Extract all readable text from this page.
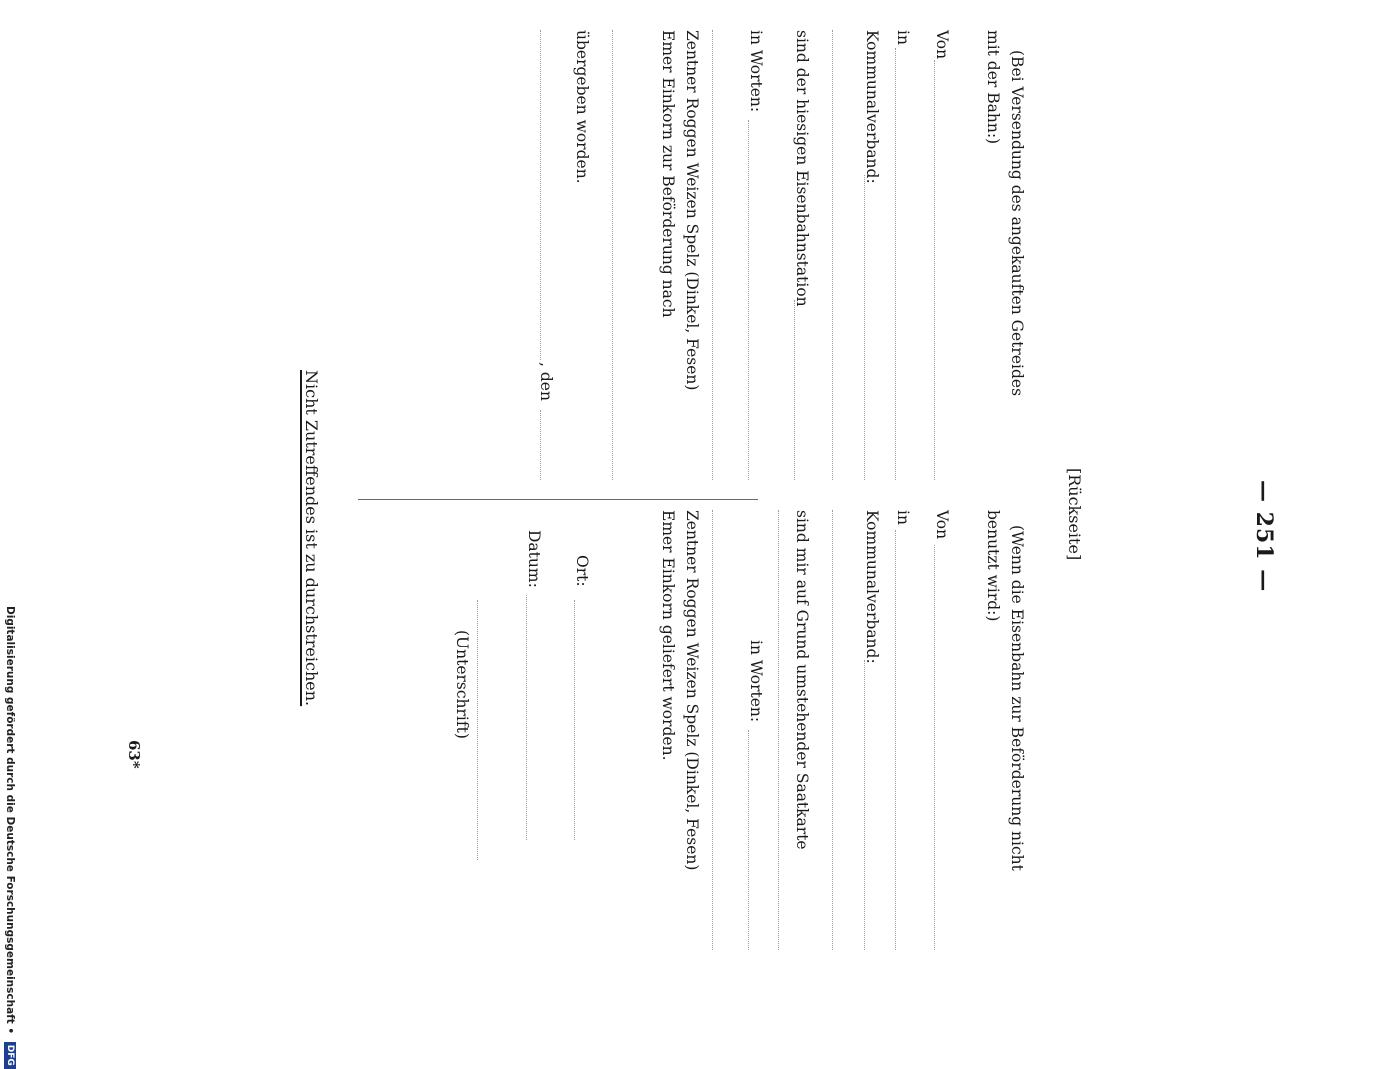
— 251 —
[Rückseite]
(Bei Versendung des angekauften Getreides
mit der Bahn:)
Von
in
Kommunalverband:
sind der hiesigen Eisenbahnstation
in Worten:
Zentner Roggen Weizen Spelz (Dinkel, Fesen)
Emer Einkorn zur Beförderung nach
übergeben worden.
, den
(Wenn die Eisenbahn zur Beförderung nicht
benutzt wird:)
Von
in
Kommunalverband:
sind mir auf Grund umstehender Saatkarte
in Worten:
Zentner Roggen Weizen Spelz (Dinkel, Fesen)
Emer Einkorn geliefert worden.
Ort:
Datum:
(Unterschrift)
Nicht Zutreffendes ist zu durchstreichen.
63*
Digitalisierung gefördert durch die Deutsche Forschungsgemeinschaft • DFG
